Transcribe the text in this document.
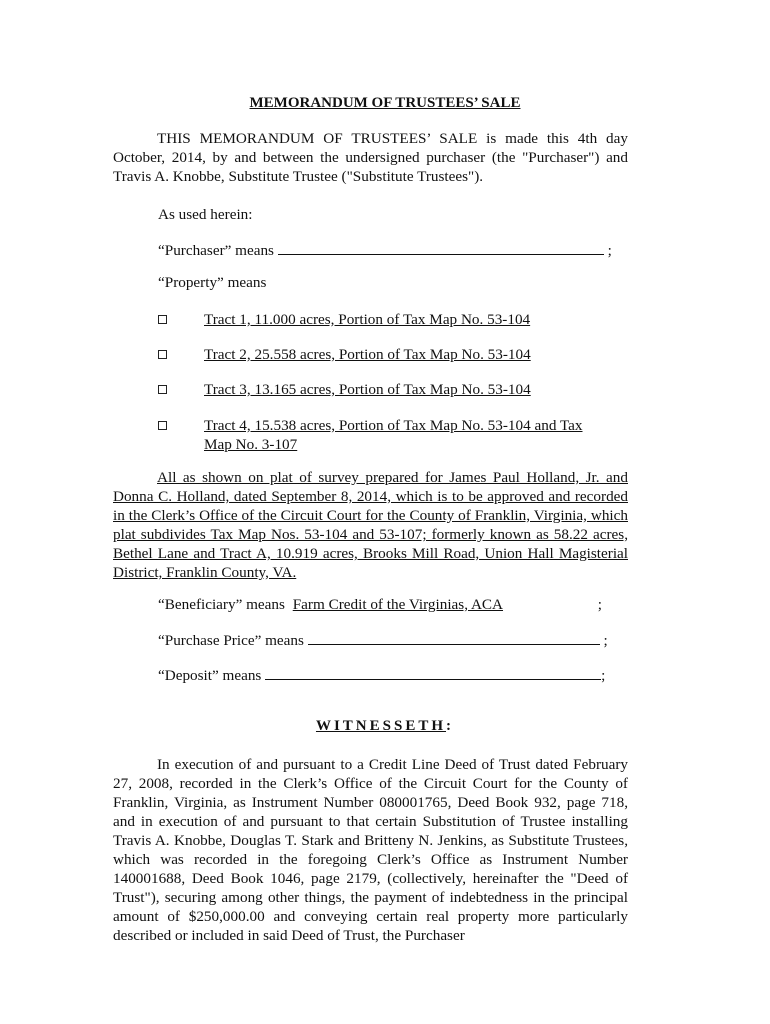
MEMORANDUM OF TRUSTEES’ SALE
THIS MEMORANDUM OF TRUSTEES’ SALE is made this 4th day October, 2014, by and between the undersigned purchaser (the "Purchaser") and Travis A. Knobbe, Substitute Trustee ("Substitute Trustees").
As used herein:
“Purchaser” means	;
“Property” means
Tract 1, 11.000 acres, Portion of Tax Map No. 53-104
Tract 2, 25.558 acres, Portion of Tax Map No. 53-104
Tract 3, 13.165 acres, Portion of Tax Map No. 53-104
Tract 4, 15.538 acres, Portion of Tax Map No. 53-104 and Tax Map No. 3-107
All as shown on plat of survey prepared for James Paul Holland, Jr. and Donna C. Holland, dated September 8, 2014, which is to be approved and recorded in the Clerk’s Office of the Circuit Court for the County of Franklin, Virginia, which plat subdivides Tax Map Nos. 53-104 and 53-107; formerly known as 58.22 acres, Bethel Lane and Tract A, 10.919 acres, Brooks Mill Road, Union Hall Magisterial District, Franklin County, VA.
“Beneficiary” means Farm Credit of the Virginias, ACA	;
“Purchase Price” means	;
“Deposit” means	;
WITNESSETH:
In execution of and pursuant to a Credit Line Deed of Trust dated February 27, 2008, recorded in the Clerk’s Office of the Circuit Court for the County of Franklin, Virginia, as Instrument Number 080001765, Deed Book 932, page 718, and in execution of and pursuant to that certain Substitution of Trustee installing Travis A. Knobbe, Douglas T. Stark and Britteny N. Jenkins, as Substitute Trustees, which was recorded in the foregoing Clerk’s Office as Instrument Number 140001688, Deed Book 1046, page 2179, (collectively, hereinafter the "Deed of Trust"), securing among other things, the payment of indebtedness in the principal amount of $250,000.00 and conveying certain real property more particularly described or included in said Deed of Trust, the Purchaser
